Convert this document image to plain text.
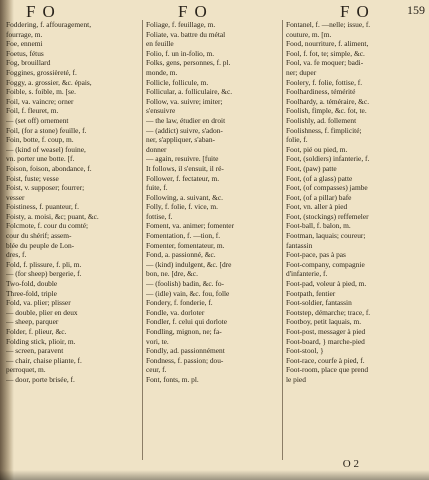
FO	FO	FO	159
Foddering, f. affouragement,
fourrage, m.
Foe, ennemi
Foetus, fétus
Fog, brouillard
Foggines, grossièreté, f.
Foggy, a. grossier, &c. épais,
Foible, s. foible, m. [se.
Foil, va. vaincre; orner
Foil, f. fleuret, m.
— (set off) ornement
Foil, (for a stone) feuille, f.
Foin, botte, f. coup, m.
— (kind of weasel) fouine,
vn. porter une botte. [f.
Foison, foison, abondance, f.
Foist, fuste; vesse
Foist, v. supposer; fourrer;
vesser
Foistiness, f. puanteur, f.
Foisty, a. moisi, &c; puant, &c.
Folcmote, f. cour du comté;
cour du shérif; assem-
blée du peuple de Lon-
dres, f.
Fold, f. plissure, f. pli, m.
— (for sheep) bergerie, f.
Two-fold, double
Three-fold, triple
Fold, va. plier; plisser
— double, plier en deux
— sheep, parquer
Folder, f. plieur, &c.
Folding stick, plioir, m.
— screen, paravent
— chair, chaise pliante, f.
perroquet, m.
— door, porte brisée, f.
Foliage, f. feuillage, m.
Foliate, va. battre du métal
en feuille
Folio, f. un in-folio, m.
Folks, gens, personnes, f. pl.
monde, m.
Follicle, follicule, m.
Follicular, a. folliculaire, &c.
Follow, va. suivre; imiter;
s'ensuivre
— the law, étudier en droit
— (addict) suivre, s'adon-
ner, s'appliquer, s'aban-
donner
— again, resuivre. [fuite
It follows, il s'ensuit, il ré-
Follower, f. fectateur, m.
fuite, f.
Following, a. suivant, &c.
Folly, f. folie, f. vice, m.
fottise, f.
Foment, va. animer; fomenter
Fomentation, f. —tion, f.
Fomenter, fomentateur, m.
Fond, a. passionné, &c.
— (kind) indulgent, &c. [dre
bon, ne. [dre, &c.
— (foolish) badin, &c. fo-
— (idle) vain, &c. fou, folle
Fondery, f. fonderie, f.
Fondle, va. dorloter
Fondler, f. celui qui dorlote
Fondling, mignon, ne; fa-
vori, te.
Fondly, ad. passionnément
Fondness, f. passion; dou-
ceur, f.
Font, fonts, m. pl.
Fontanel, f. —nelle; issue, f.
couture, m. [m.
Food, nourriture, f. aliment,
Fool, f. fot, te; simple, &c.
Fool, va. fe moquer; badi-
ner; duper
Foolery, f. folie, fottise, f.
Foolhardiness, témérité
Foolhardy, a. téméraire, &c.
Foolish, fimple, &c. fot, te.
Foolishly, ad. follement
Foolishness, f. fimplicité;
folie, f.
Foot, pié ou pied, m.
Foot, (soldiers) infanterie, f.
Foot, (paw) patte
Foot, (of a glass) patte
Foot, (of compasses) jambe
Foot, (of a pillar) bafe
Foot, vn. aller à pied
Foot, (stockings) reffemeler
Foot-ball, f. balon, m.
Footman, laquais; coureur;
fantassin
Foot-pace, pas à pas
Foot-company, compagnie
d'infanterie, f.
Foot-pad, voleur à pied, m.
Footpath, fentier
Foot-soldier, fantassin
Footstep, démarche; trace, f.
Footboy, petit laquais, m.
Foot-post, messager à pied
Foot-board, } marche-pied
Foot-stool, }
Foot-race, courfe à pied, f.
Foot-room, place que prend
le pied
O 2
